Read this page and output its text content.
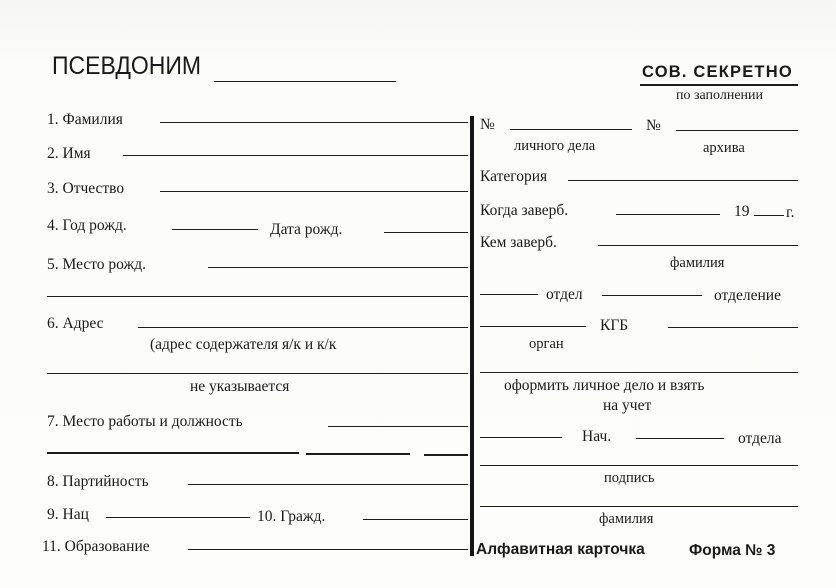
ПСЕВДОНИМ	СОВ. СЕКРЕТНО
по заполнении
1. Фамилия
2. Имя
3. Отчество
4. Год рожд.	Дата рожд.
5. Место рожд.
6. Адрес
(адрес содержателя я/к и к/к
не указывается
7. Место работы и должность
8. Партийность
9. Нац	10. Гражд.
11. Образование
№	№
личного дела	архива
Категория
Когда заверб.	19 г.
Кем заверб.
фамилия
отдел	отделение
КГБ
орган
оформить личное дело и взять
на учет
Нач.	отдела
подпись
фамилия
Алфавитная карточка	Форма № 3
